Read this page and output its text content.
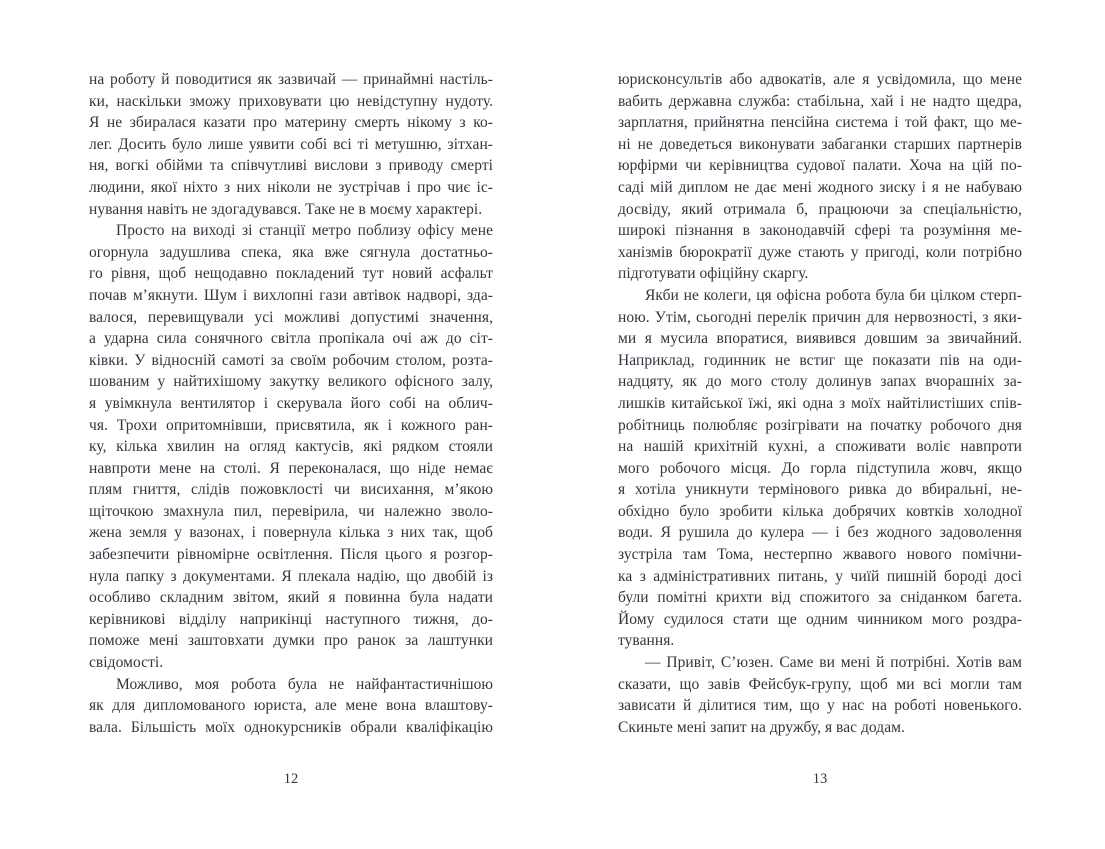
на роботу й поводитися як зазвичай — принаймні настіль-
ки, наскільки зможу приховувати цю невідступну нудоту.
Я не збиралася казати про материну смерть нікому з ко-
лег. Досить було лише уявити собі всі ті метушню, зітхан-
ня, вогкі обійми та співчутливі вислови з приводу смерті
людини, якої ніхто з них ніколи не зустрічав і про чиє іс-
нування навіть не здогадувався. Таке не в моєму характері.
Просто на виході зі станції метро поблизу офісу мене
огорнула задушлива спека, яка вже сягнула достатньо-
го рівня, щоб нещодавно покладений тут новий асфальт
почав м’якнути. Шум і вихлопні гази автівок надворі, зда-
валося, перевищували усі можливі допустимі значення,
а ударна сила сонячного світла пропікала очі аж до сіт-
ківки. У відносній самоті за своїм робочим столом, розта-
шованим у найтихішому закутку великого офісного залу,
я увімкнула вентилятор і скерувала його собі на облич-
чя. Трохи опритомнівши, присвятила, як і кожного ран-
ку, кілька хвилин на огляд кактусів, які рядком стояли
навпроти мене на столі. Я переконалася, що ніде немає
плям гниття, слідів пожовклості чи висихання, м’якою
щіточкою змахнула пил, перевірила, чи належно зволо-
жена земля у вазонах, і повернула кілька з них так, щоб
забезпечити рівномірне освітлення. Після цього я розгор-
нула папку з документами. Я плекала надію, що двобій із
особливо складним звітом, який я повинна була надати
керівникові відділу наприкінці наступного тижня, до-
поможе мені заштовхати думки про ранок за лаштунки
свідомості.
Можливо, моя робота була не найфантастичнішою
як для дипломованого юриста, але мене вона влаштову-
вала. Більшість моїх однокурсників обрали кваліфікацію
12
юрисконсультів або адвокатів, але я усвідомила, що мене
вабить державна служба: стабільна, хай і не надто щедра,
зарплатня, прийнятна пенсійна система і той факт, що ме-
ні не доведеться виконувати забаганки старших партнерів
юрфірми чи керівництва судової палати. Хоча на цій по-
саді мій диплом не дає мені жодного зиску і я не набуваю
досвіду, який отримала б, працюючи за спеціальністю,
широкі пізнання в законодавчій сфері та розуміння ме-
ханізмів бюрократії дуже стають у пригоді, коли потрібно
підготувати офіційну скаргу.
Якби не колеги, ця офісна робота була би цілком стерп-
ною. Утім, сьогодні перелік причин для нервозності, з яки-
ми я мусила впоратися, виявився довшим за звичайний.
Наприклад, годинник не встиг ще показати пів на оди-
надцяту, як до мого столу долинув запах вчорашніх за-
лишків китайської їжі, які одна з моїх найтілистіших спів-
робітниць полюбляє розігрівати на початку робочого дня
на нашій крихітній кухні, а споживати воліє навпроти
мого робочого місця. До горла підступила жовч, якщо
я хотіла уникнути термінового ривка до вбиральні, не-
обхідно було зробити кілька добрячих ковтків холодної
води. Я рушила до кулера — і без жодного задоволення
зустріла там Тома, нестерпно жвавого нового помічни-
ка з адміністративних питань, у чиїй пишній бороді досі
були помітні крихти від спожитого за сніданком багета.
Йому судилося стати ще одним чинником мого роздра-
тування.
— Привіт, С’юзен. Саме ви мені й потрібні. Хотів вам
сказати, що завів Фейсбук-групу, щоб ми всі могли там
зависати й ділитися тим, що у нас на роботі новенького.
Скиньте мені запит на дружбу, я вас додам.
13
